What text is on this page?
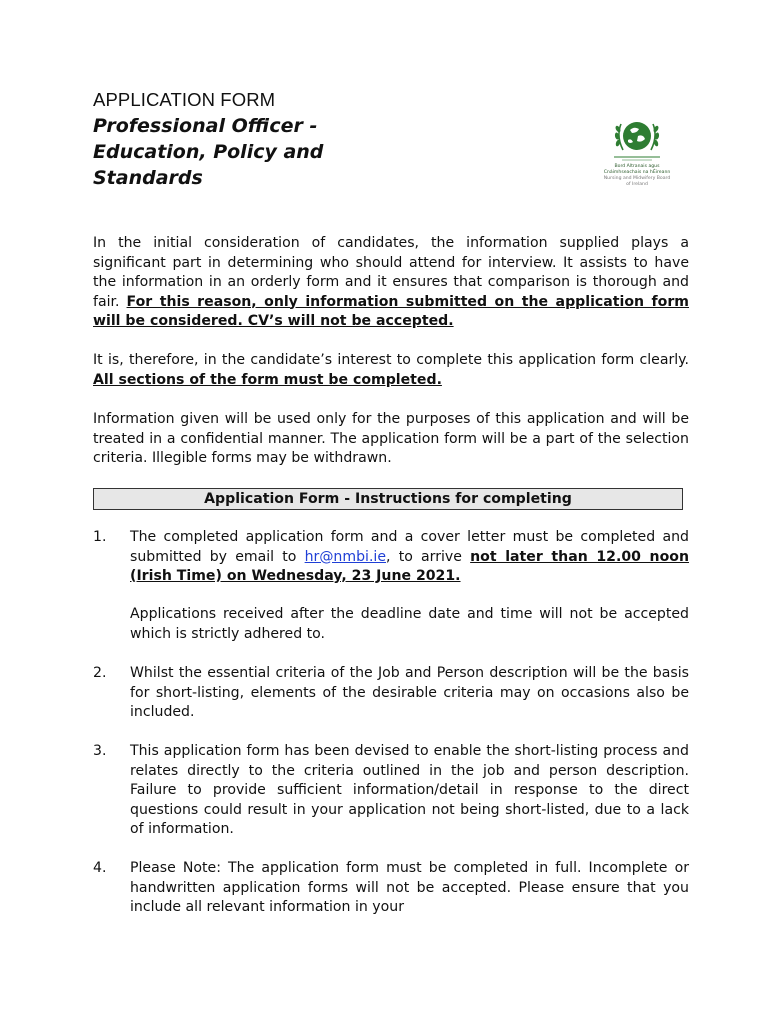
APPLICATION FORM
Professional Officer -
Education, Policy and
Standards
Bord Altranais agus
Cnáimhseachais na hÉireann
Nursing and Midwifery Board
of Ireland

In the initial consideration of candidates, the information supplied plays a significant part in determining who should attend for interview. It assists to have the information in an orderly form and it ensures that comparison is thorough and fair. For this reason, only information submitted on the application form will be considered. CV’s will not be accepted.

It is, therefore, in the candidate’s interest to complete this application form clearly. All sections of the form must be completed.

Information given will be used only for the purposes of this application and will be treated in a confidential manner. The application form will be a part of the selection criteria. Illegible forms may be withdrawn.

Application Form - Instructions for completing
1. The completed application form and a cover letter must be completed and submitted by email to hr@nmbi.ie, to arrive not later than 12.00 noon (Irish Time) on Wednesday, 23 June 2021.

Applications received after the deadline date and time will not be accepted which is strictly adhered to.

2. Whilst the essential criteria of the Job and Person description will be the basis for short-listing, elements of the desirable criteria may on occasions also be included.

3. This application form has been devised to enable the short-listing process and relates directly to the criteria outlined in the job and person description. Failure to provide sufficient information/detail in response to the direct questions could result in your application not being short-listed, due to a lack of information.

4. Please Note: The application form must be completed in full. Incomplete or handwritten application forms will not be accepted. Please ensure that you include all relevant information in your
